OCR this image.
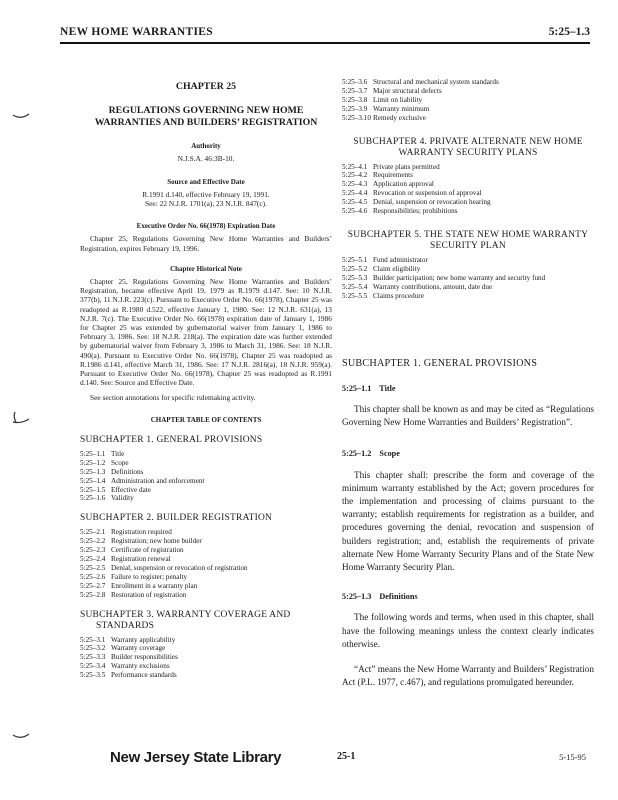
NEW HOME WARRANTIES	5:25–1.3
CHAPTER 25
REGULATIONS GOVERNING NEW HOME WARRANTIES AND BUILDERS’ REGISTRATION
Authority
N.J.S.A. 46:3B-10.
Source and Effective Date
R.1991 d.140, effective February 19, 1991.
See: 22 N.J.R. 1701(a), 23 N.J.R. 847(c).
Executive Order No. 66(1978) Expiration Date

Chapter 25, Regulations Governing New Home Warranties and Builders’ Registration, expires February 19, 1996.

Chapter Historical Note

Chapter 25, Regulations Governing New Home Warranties and Builders’ Registration, became effective April 19, 1979 as R.1979 d.147. See: 10 N.J.R. 377(b), 11 N.J.R. 223(c). Pursuant to Executive Order No. 66(1978), Chapter 25 was readopted as R.1980 d.522, effective January 1, 1980. See: 12 N.J.R. 631(a), 13 N.J.R. 7(c). The Executive Order No. 66(1978) expiration date of January 1, 1986 for Chapter 25 was extended by gubernatorial waiver from January 1, 1986 to February 3, 1986. See: 18 N.J.R. 218(a). The expiration date was further extended by gubernatorial waiver from February 3, 1986 to March 31, 1986. See: 18 N.J.R. 490(a). Pursuant to Executive Order No. 66(1978), Chapter 25 was readopted as R.1986 d.141, effective March 31, 1986. See: 17 N.J.R. 2816(a), 18 N.J.R. 959(a). Pursuant to Executive Order No. 66(1978), Chapter 25 was readopted as R.1991 d.140. See: Source and Effective Date.

See section annotations for specific rulemaking activity.

CHAPTER TABLE OF CONTENTS
SUBCHAPTER 1. GENERAL PROVISIONS
5:25–1.1 Title
5:25–1.2 Scope
5:25–1.3 Definitions
5:25–1.4 Administration and enforcement
5:25–1.5 Effective date
5:25–1.6 Validity
SUBCHAPTER 2. BUILDER REGISTRATION
5:25–2.1 Registration required
5:25–2.2 Registration; new home builder
5:25–2.3 Certificate of registration
5:25–2.4 Registration renewal
5:25–2.5 Denial, suspension or revocation of registration
5:25–2.6 Failure to register; penalty
5:25–2.7 Enrollment in a warranty plan
5:25–2.8 Restoration of registration
SUBCHAPTER 3. WARRANTY COVERAGE AND STANDARDS
5:25–3.1 Warranty applicability
5:25–3.2 Warranty coverage
5:25–3.3 Builder responsibilities
5:25–3.4 Warranty exclusions
5:25–3.5 Performance standards
5:25–3.6 Structural and mechanical system standards
5:25–3.7 Major structural defects
5:25–3.8 Limit on liability
5:25–3.9 Warranty minimum
5:25–3.10 Remedy exclusive
SUBCHAPTER 4. PRIVATE ALTERNATE NEW HOME WARRANTY SECURITY PLANS
5:25–4.1 Private plans permitted
5:25–4.2 Requirements
5:25–4.3 Application approval
5:25–4.4 Revocation or suspension of approval
5:25–4.5 Denial, suspension or revocation hearing
5:25–4.6 Responsibilities; prohibitions
SUBCHAPTER 5. THE STATE NEW HOME WARRANTY SECURITY PLAN
5:25–5.1 Fund administrator
5:25–5.2 Claim eligibility
5:25–5.3 Builder participation; new home warranty and security fund
5:25–5.4 Warranty contributions, amount, date due
5:25–5.5 Claims procedure
SUBCHAPTER 1. GENERAL PROVISIONS
5:25–1.1 Title

This chapter shall be known as and may be cited as “Regulations Governing New Home Warranties and Builders’ Registration”.

5:25–1.2 Scope

This chapter shall: prescribe the form and coverage of the minimum warranty established by the Act; govern procedures for the implementation and processing of claims pursuant to the warranty; establish requirements for registration as a builder, and procedures governing the denial, revocation and suspension of builders registration; and, establish the requirements of private alternate New Home Warranty Security Plans and of the State New Home Warranty Security Plan.

5:25–1.3 Definitions

The following words and terms, when used in this chapter, shall have the following meanings unless the context clearly indicates otherwise.

“Act” means the New Home Warranty and Builders’ Registration Act (P.L. 1977, c.467), and regulations promulgated hereunder.

New Jersey State Library	25-1	5-15-95
